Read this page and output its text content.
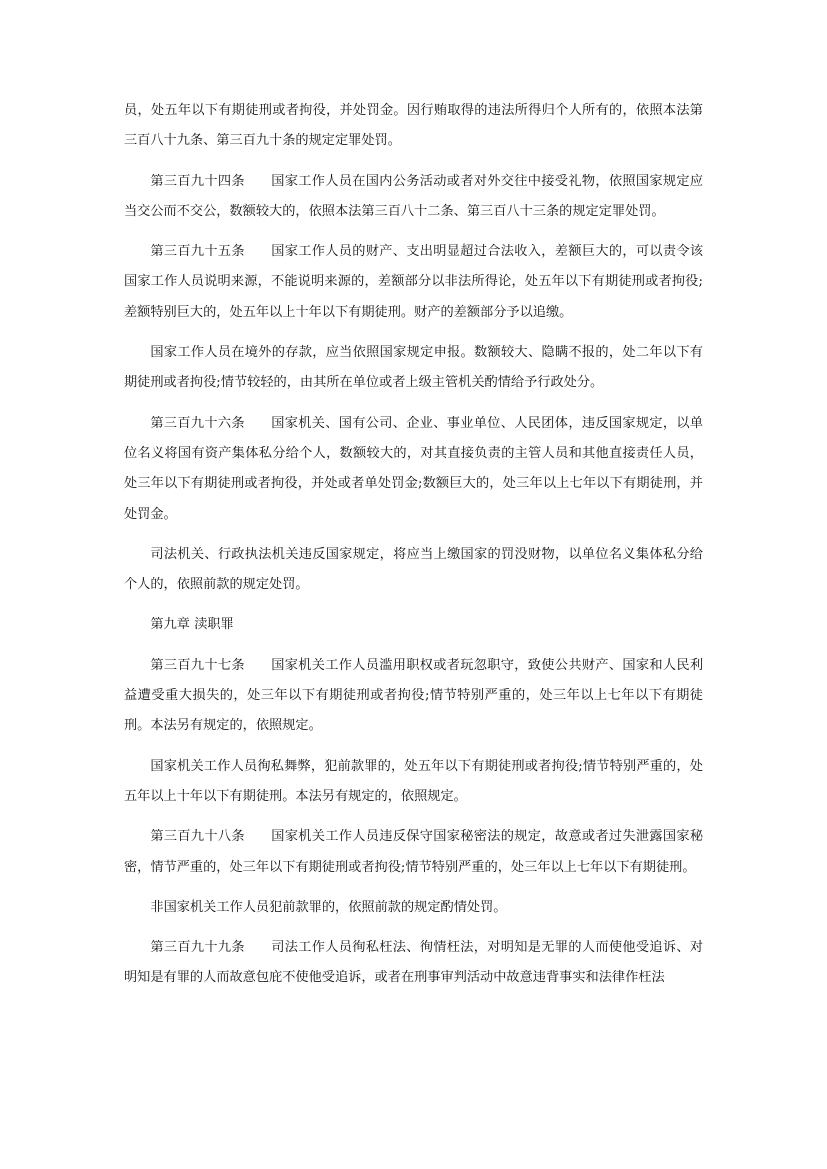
员，处五年以下有期徒刑或者拘役，并处罚金。因行贿取得的违法所得归个人所有的，依照本法第三百八十九条、第三百九十条的规定定罪处罚。

第三百九十四条 国家工作人员在国内公务活动或者对外交往中接受礼物，依照国家规定应当交公而不交公，数额较大的，依照本法第三百八十二条、第三百八十三条的规定定罪处罚。

第三百九十五条 国家工作人员的财产、支出明显超过合法收入，差额巨大的，可以责令该国家工作人员说明来源，不能说明来源的，差额部分以非法所得论，处五年以下有期徒刑或者拘役;差额特别巨大的，处五年以上十年以下有期徒刑。财产的差额部分予以追缴。

国家工作人员在境外的存款，应当依照国家规定申报。数额较大、隐瞒不报的，处二年以下有期徒刑或者拘役;情节较轻的，由其所在单位或者上级主管机关酌情给予行政处分。

第三百九十六条 国家机关、国有公司、企业、事业单位、人民团体，违反国家规定，以单位名义将国有资产集体私分给个人，数额较大的，对其直接负责的主管人员和其他直接责任人员，处三年以下有期徒刑或者拘役，并处或者单处罚金;数额巨大的，处三年以上七年以下有期徒刑，并处罚金。

司法机关、行政执法机关违反国家规定，将应当上缴国家的罚没财物，以单位名义集体私分给个人的，依照前款的规定处罚。

第九章 渎职罪

第三百九十七条 国家机关工作人员滥用职权或者玩忽职守，致使公共财产、国家和人民利益遭受重大损失的，处三年以下有期徒刑或者拘役;情节特别严重的，处三年以上七年以下有期徒刑。本法另有规定的，依照规定。

国家机关工作人员徇私舞弊，犯前款罪的，处五年以下有期徒刑或者拘役;情节特别严重的，处五年以上十年以下有期徒刑。本法另有规定的，依照规定。

第三百九十八条 国家机关工作人员违反保守国家秘密法的规定，故意或者过失泄露国家秘密，情节严重的，处三年以下有期徒刑或者拘役;情节特别严重的，处三年以上七年以下有期徒刑。

非国家机关工作人员犯前款罪的，依照前款的规定酌情处罚。

第三百九十九条 司法工作人员徇私枉法、徇情枉法，对明知是无罪的人而使他受追诉、对明知是有罪的人而故意包庇不使他受追诉，或者在刑事审判活动中故意违背事实和法律作枉法
